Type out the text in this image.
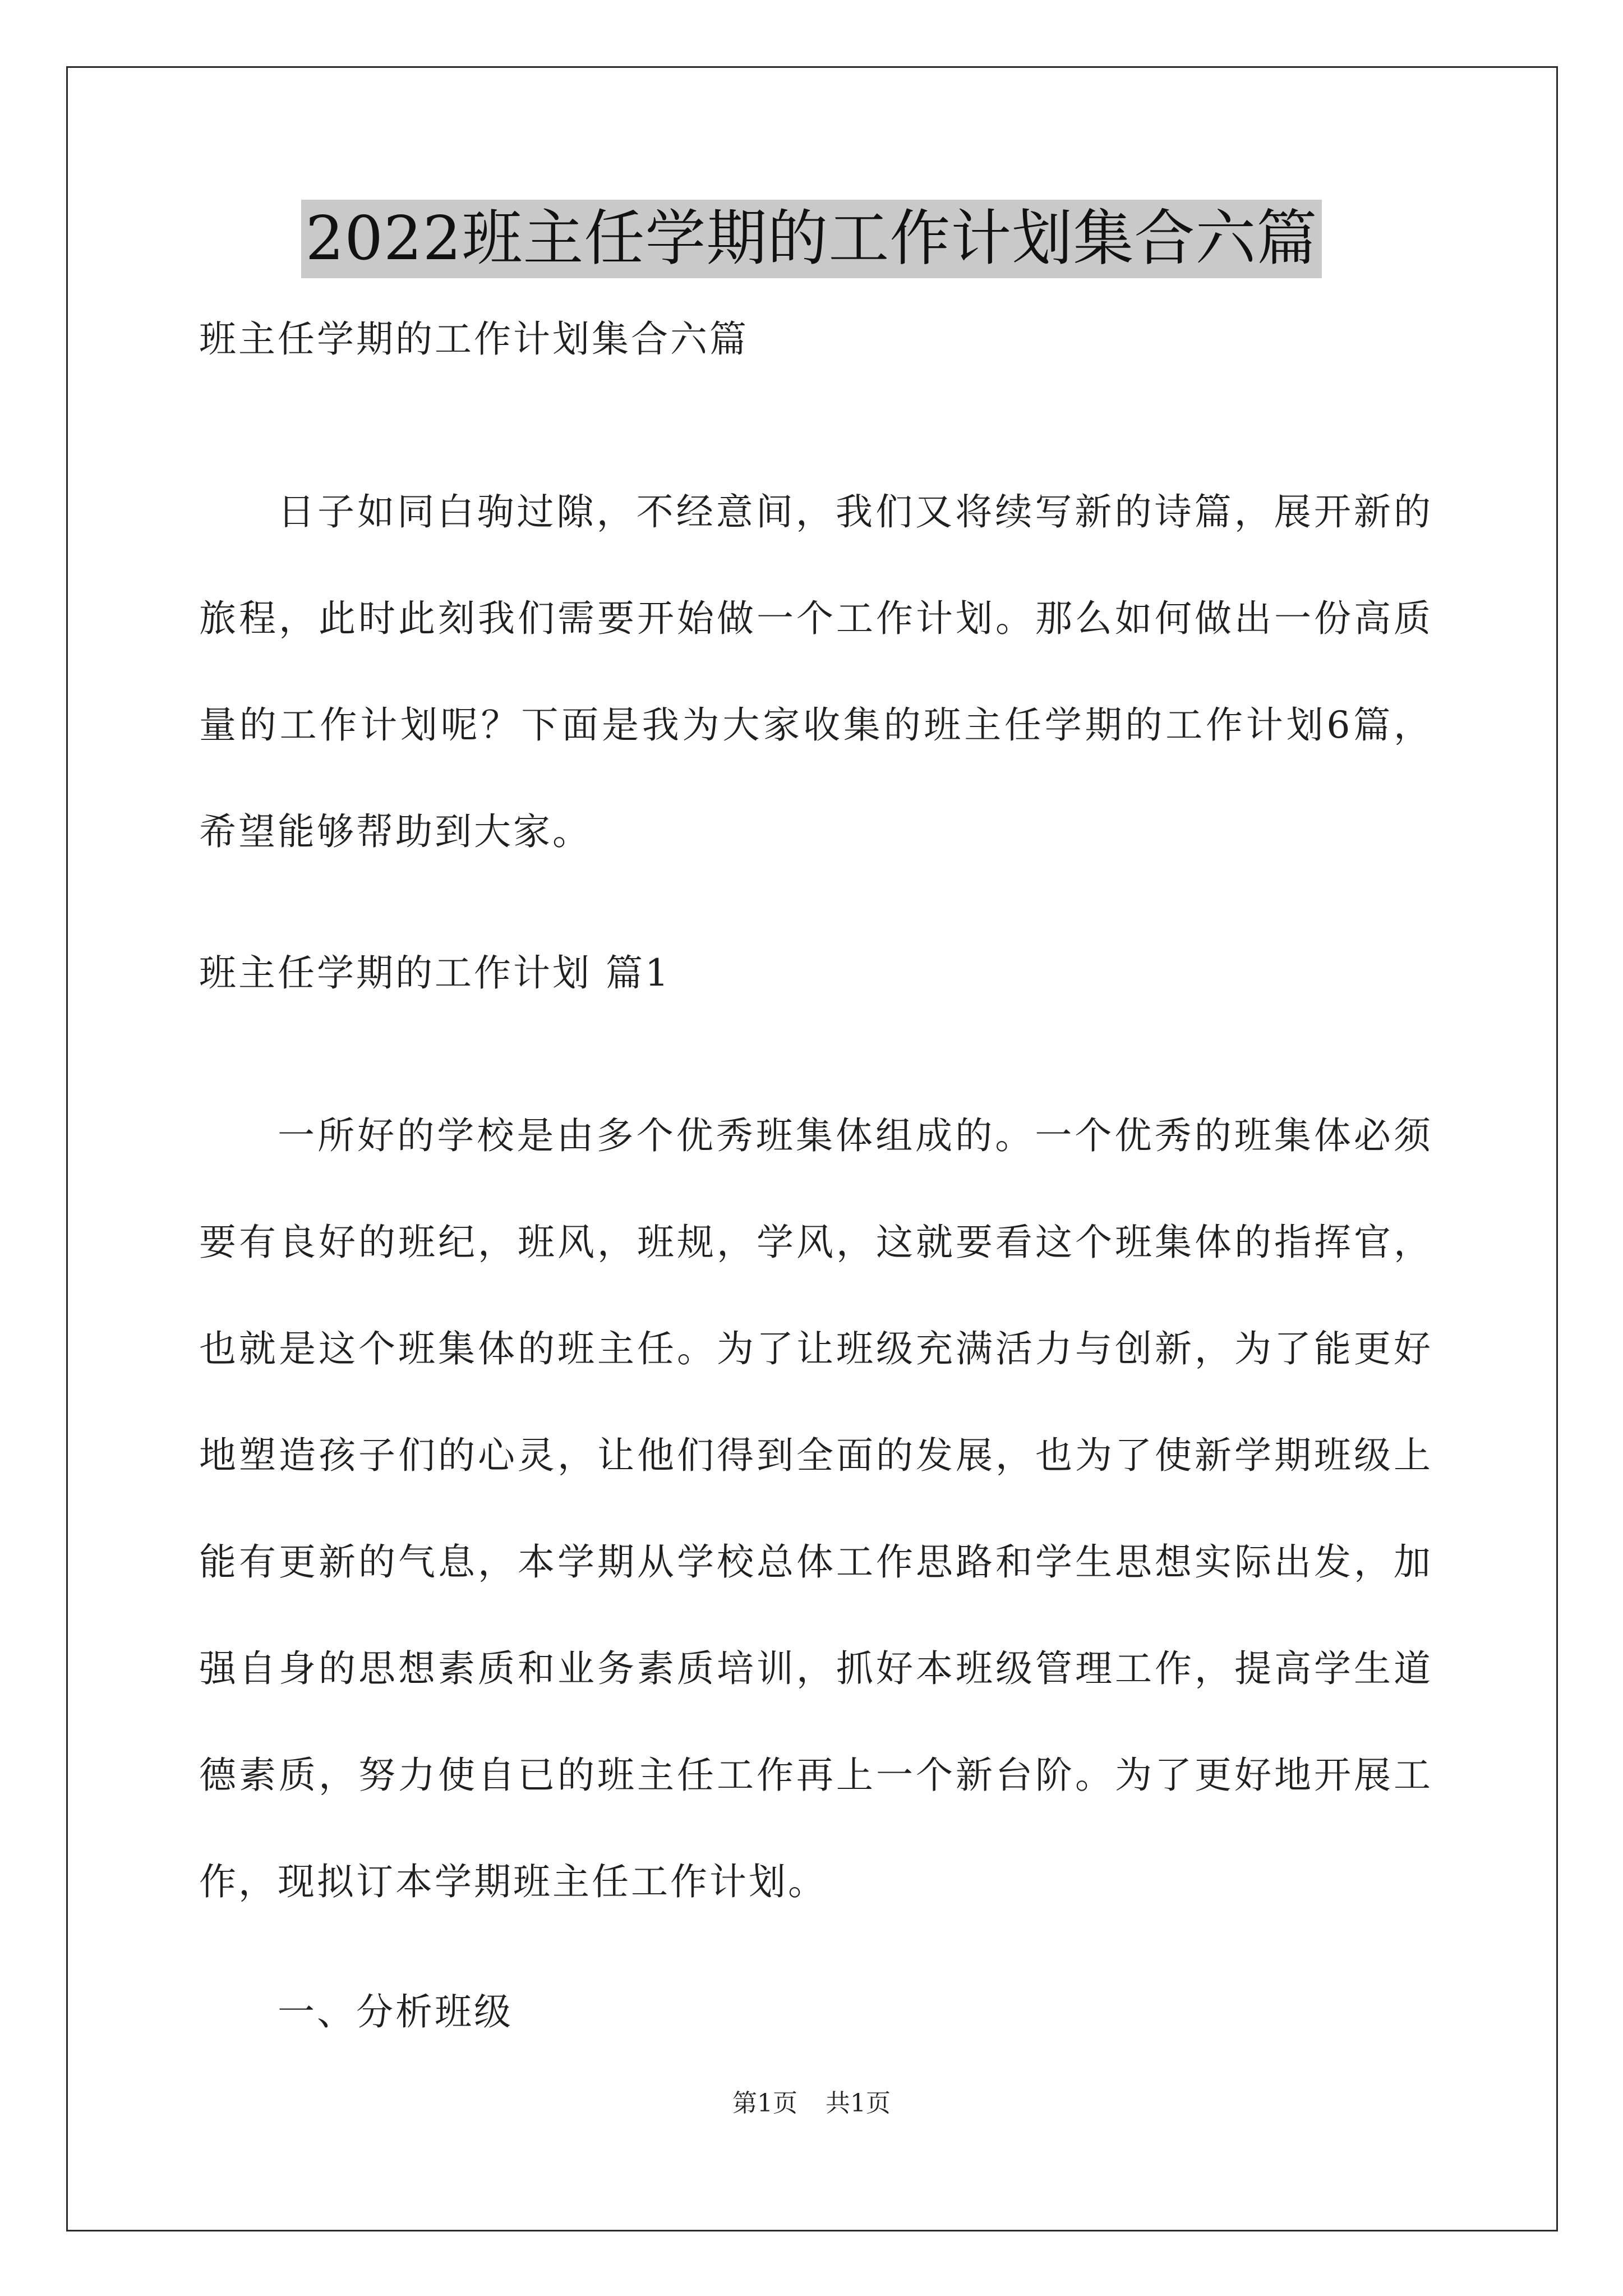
2022班主任学期的工作计划集合六篇
班主任学期的工作计划集合六篇

日子如同白驹过隙，不经意间，我们又将续写新的诗篇，展开新的旅程，此时此刻我们需要开始做一个工作计划。那么如何做出一份高质量的工作计划呢？下面是我为大家收集的班主任学期的工作计划6篇，希望能够帮助到大家。

班主任学期的工作计划 篇1

一所好的学校是由多个优秀班集体组成的。一个优秀的班集体必须要有良好的班纪，班风，班规，学风，这就要看这个班集体的指挥官，也就是这个班集体的班主任。为了让班级充满活力与创新，为了能更好地塑造孩子们的心灵，让他们得到全面的发展，也为了使新学期班级上能有更新的气息，本学期从学校总体工作思路和学生思想实际出发，加强自身的思想素质和业务素质培训，抓好本班级管理工作，提高学生道德素质，努力使自已的班主任工作再上一个新台阶。为了更好地开展工作，现拟订本学期班主任工作计划。

一、分析班级
第1页 共1页
